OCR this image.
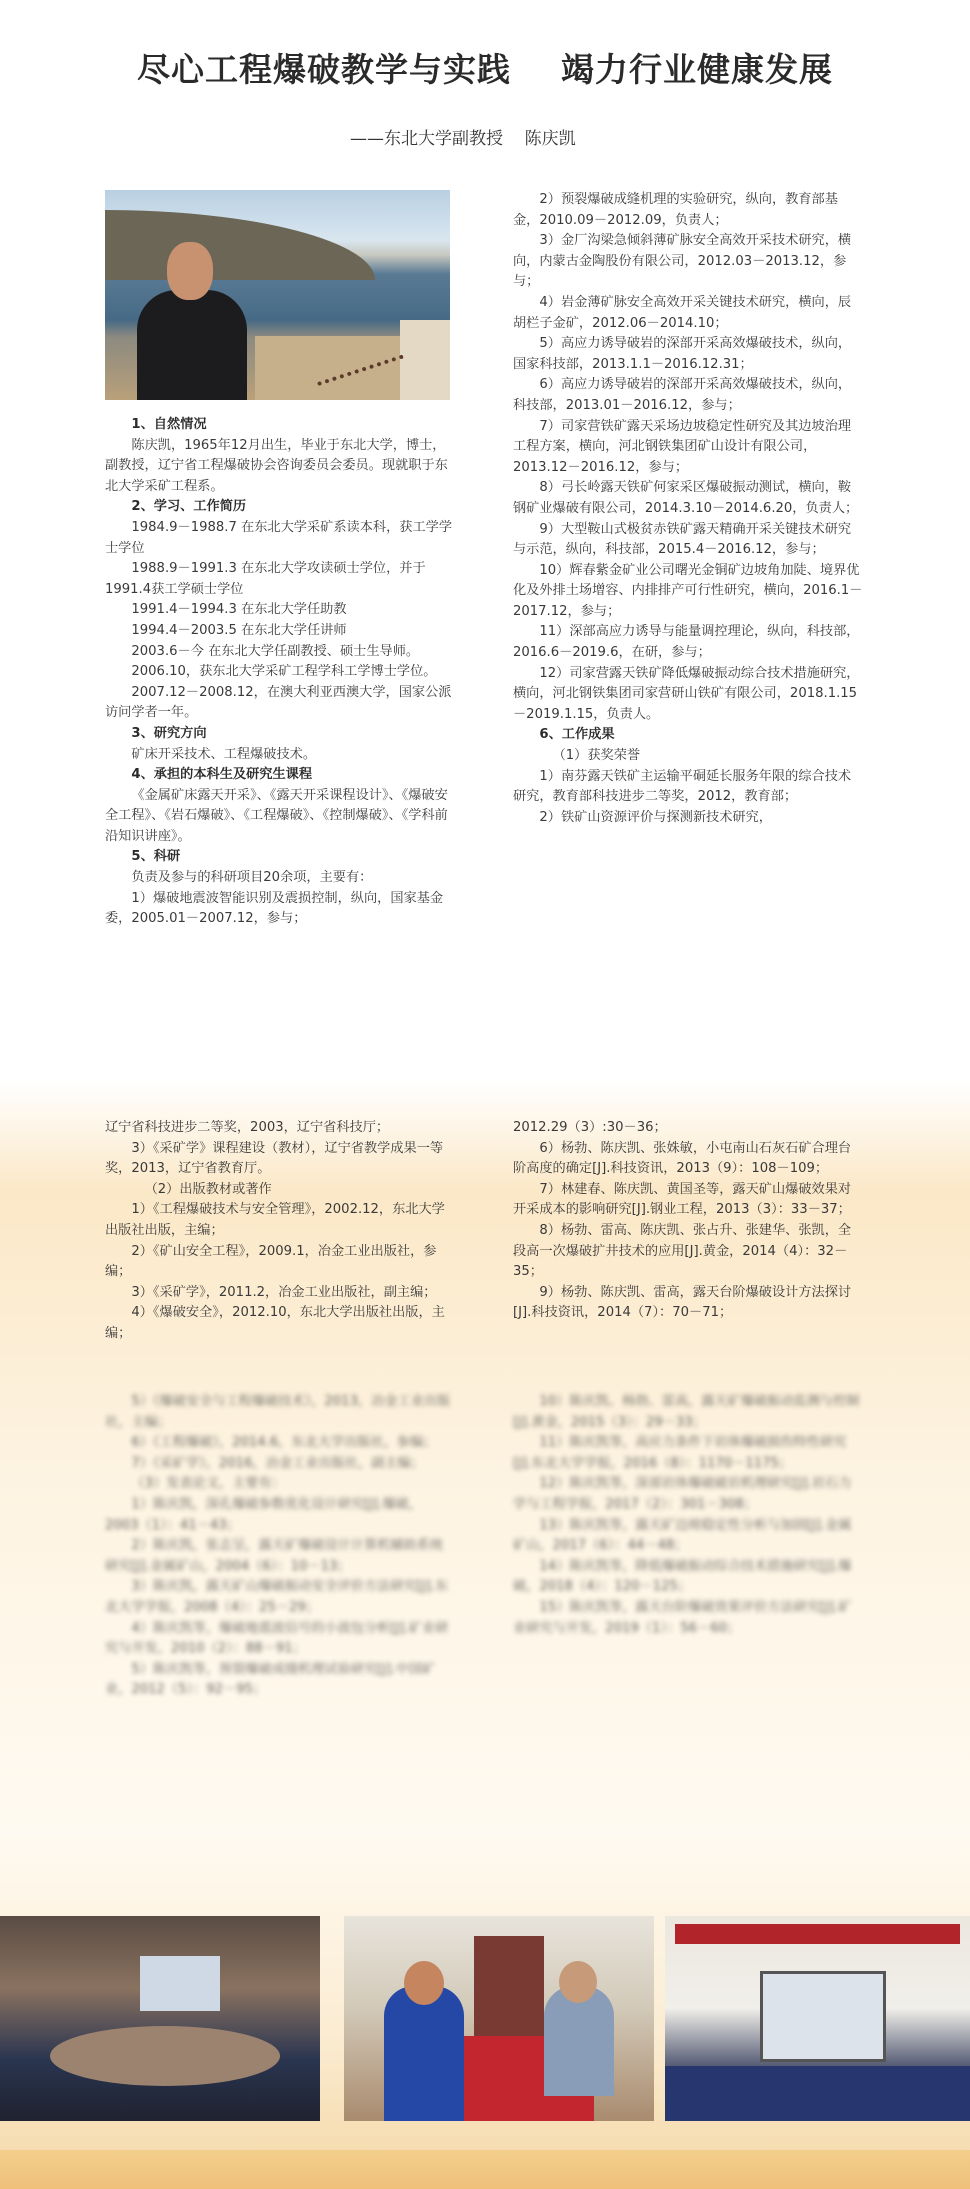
尽心工程爆破教学与实践    竭力行业健康发展
——东北大学副教授    陈庆凯

1、自然情况

陈庆凯，1965年12月出生，毕业于东北大学，博士，副教授，辽宁省工程爆破协会咨询委员会委员。现就职于东北大学采矿工程系。

2、学习、工作简历

1984.9－1988.7 在东北大学采矿系读本科，获工学学士学位

1988.9－1991.3 在东北大学攻读硕士学位，并于1991.4获工学硕士学位

1991.4－1994.3 在东北大学任助教

1994.4－2003.5 在东北大学任讲师

2003.6－今 在东北大学任副教授、硕士生导师。

2006.10，获东北大学采矿工程学科工学博士学位。

2007.12－2008.12，在澳大利亚西澳大学，国家公派访问学者一年。

3、研究方向

矿床开采技术、工程爆破技术。

4、承担的本科生及研究生课程

《金属矿床露天开采》、《露天开采课程设计》、《爆破安全工程》、《岩石爆破》、《工程爆破》、《控制爆破》、《学科前沿知识讲座》。

5、科研

负责及参与的科研项目20余项，主要有：

1）爆破地震波智能识别及震损控制，纵向，国家基金委，2005.01－2007.12，参与；

2）预裂爆破成缝机理的实验研究，纵向，教育部基金，2010.09－2012.09，负责人；

3）金厂沟梁急倾斜薄矿脉安全高效开采技术研究，横向，内蒙古金陶股份有限公司，2012.03－2013.12，参与；

4）岩金薄矿脉安全高效开采关键技术研究，横向，辰胡栏子金矿，2012.06－2014.10；

5）高应力诱导破岩的深部开采高效爆破技术，纵向，国家科技部，2013.1.1－2016.12.31；

6）高应力诱导破岩的深部开采高效爆破技术，纵向，科技部，2013.01－2016.12，参与；

7）司家营铁矿露天采场边坡稳定性研究及其边坡治理工程方案，横向，河北钢铁集团矿山设计有限公司，2013.12－2016.12，参与；

8）弓长岭露天铁矿何家采区爆破振动测试，横向，鞍钢矿业爆破有限公司，2014.3.10－2014.6.20，负责人；

9）大型鞍山式极贫赤铁矿露天精确开采关键技术研究与示范，纵向，科技部，2015.4－2016.12，参与；

10）辉春紫金矿业公司曙光金铜矿边坡角加陡、境界优化及外排土场增容、内排排产可行性研究，横向，2016.1－2017.12，参与；

11）深部高应力诱导与能量调控理论，纵向，科技部，2016.6－2019.6，在研，参与；

12）司家营露天铁矿降低爆破振动综合技术措施研究，横向，河北钢铁集团司家营研山铁矿有限公司，2018.1.15－2019.1.15，负责人。

6、工作成果

（1）获奖荣誉

1）南芬露天铁矿主运输平硐延长服务年限的综合技术研究，教育部科技进步二等奖，2012，教育部；

2）铁矿山资源评价与探测新技术研究，

辽宁省科技进步二等奖，2003，辽宁省科技厅；

3）《采矿学》课程建设（教材），辽宁省教学成果一等奖，2013，辽宁省教育厅。

（2）出版教材或著作

1）《工程爆破技术与安全管理》，2002.12，东北大学出版社出版，主编；

2）《矿山安全工程》，2009.1，冶金工业出版社，参编；

3）《采矿学》，2011.2，冶金工业出版社，副主编；

4）《爆破安全》，2012.10，东北大学出版社出版，主编；

2012.29（3）:30－36；

6）杨勃、陈庆凯、张姝敏，小屯南山石灰石矿合理台阶高度的确定[J].科技资讯，2013（9）：108－109；

7）林建春、陈庆凯、黄国圣等，露天矿山爆破效果对开采成本的影响研究[J].钢业工程，2013（3）：33－37；

8）杨勃、雷高、陈庆凯、张占升、张建华、张凯，全段高一次爆破扩井技术的应用[J].黄金，2014（4）：32－35；

9）杨勃、陈庆凯、雷高，露天台阶爆破设计方法探讨[J].科技资讯，2014（7）：70－71；

5）《爆破安全与工程爆破技术》，2013，冶金工业出版社，主编；

6）《工程爆破》，2014.6，东北大学出版社，参编；

7）《采矿学》，2016，冶金工业出版社，副主编；

（3）发表论文，主要有：

1）陈庆凯，深孔爆破参数优化设计研究[J].爆破，2003（1）：41－43；

2）陈庆凯，张志呈，露天矿爆破设计计算机辅助系统研究[J].金属矿山，2004（6）：10－13；

3）陈庆凯，露天矿山爆破振动安全评价方法研究[J].东北大学学报，2008（4）：25－29；

4）陈庆凯等，爆破地震波信号的小波包分析[J].矿业研究与开发，2010（2）：88－91；

5）陈庆凯等，预裂爆破成缝机理试验研究[J].中国矿业，2012（5）：92－95；

10）陈庆凯、杨勃、雷高，露天矿爆破振动监测与控制[J].黄金，2015（3）：29－33；

11）陈庆凯等，高应力条件下岩体爆破损伤特性研究[J].东北大学学报，2016（8）：1170－1175；

12）陈庆凯等，深部岩体爆破破岩机理研究[J].岩石力学与工程学报，2017（2）：301－308；

13）陈庆凯等，露天矿边坡稳定性分析与加固[J].金属矿山，2017（6）：44－48；

14）陈庆凯等，降低爆破振动综合技术措施研究[J].爆破，2018（4）：120－125；

15）陈庆凯等，露天台阶爆破效果评价方法研究[J].矿业研究与开发，2019（1）：56－60；
